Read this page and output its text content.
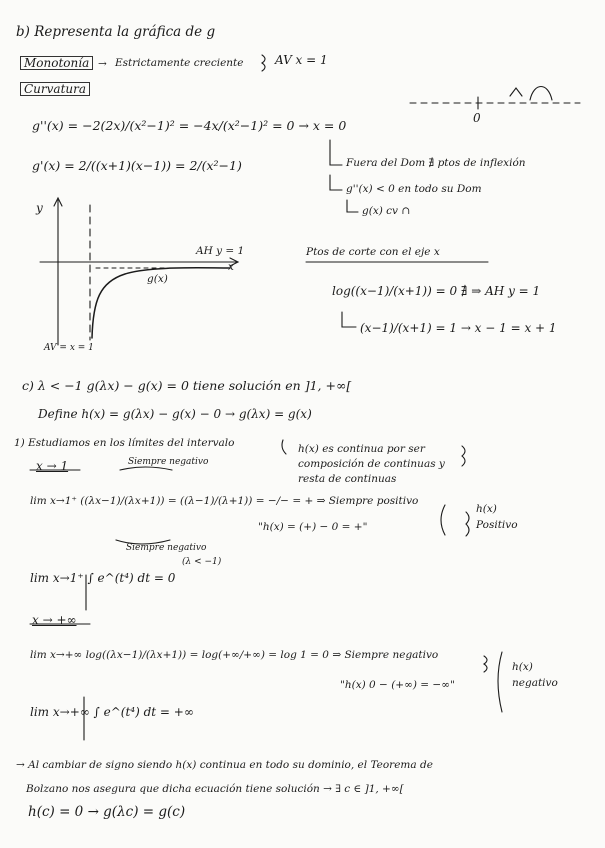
b) Representa la gráfica de g
Monotonía → Estrictamente creciente	AV x = 1
Curvatura
g''(x) = −2(2x)/(x²−1)² = −4x/(x²−1)² = 0 → x = 0	0
g'(x) = 2/((x+1)(x−1)) = 2/(x²−1)	Fuera del Dom ∄ ptos de inflexión
g''(x) < 0 en todo su Dom
g(x) cv ∩
y
x
AH y = 1
g(x)
AV = x = 1
Ptos de corte con el eje x
log((x−1)/(x+1)) = 0 ∄ ⇒ AH y = 1
(x−1)/(x+1) = 1 → x − 1 = x + 1
c) λ < −1 g(λx) − g(x) = 0 tiene solución en ]1, +∞[
Define h(x) = g(λx) − g(x) − 0 → g(λx) = g(x)
1) Estudiamos en los límites del intervalo	h(x) es continua por ser composición de continuas y resta de continuas
x → 1	Siempre negativo
lim x→1⁺ ((λx−1)/(λx+1)) = ((λ−1)/(λ+1)) = −/− = + ⇒ Siempre positivo
"h(x) = (+) − 0 = +"
h(x) Positivo
Siempre negativo
(λ < −1)
lim x→1⁺ ∫ e^(t⁴) dt = 0
x → +∞
lim x→+∞ log((λx−1)/(λx+1)) = log(+∞/+∞) = log 1 = 0 ⇒ Siempre negativo
"h(x) 0 − (+∞) = −∞"
h(x) negativo
lim x→+∞ ∫ e^(t⁴) dt = +∞
→ Al cambiar de signo siendo h(x) continua en todo su dominio, el Teorema de
Bolzano nos asegura que dicha ecuación tiene solución → ∃ c ∈ ]1, +∞[
h(c) = 0 → g(λc) = g(c)
